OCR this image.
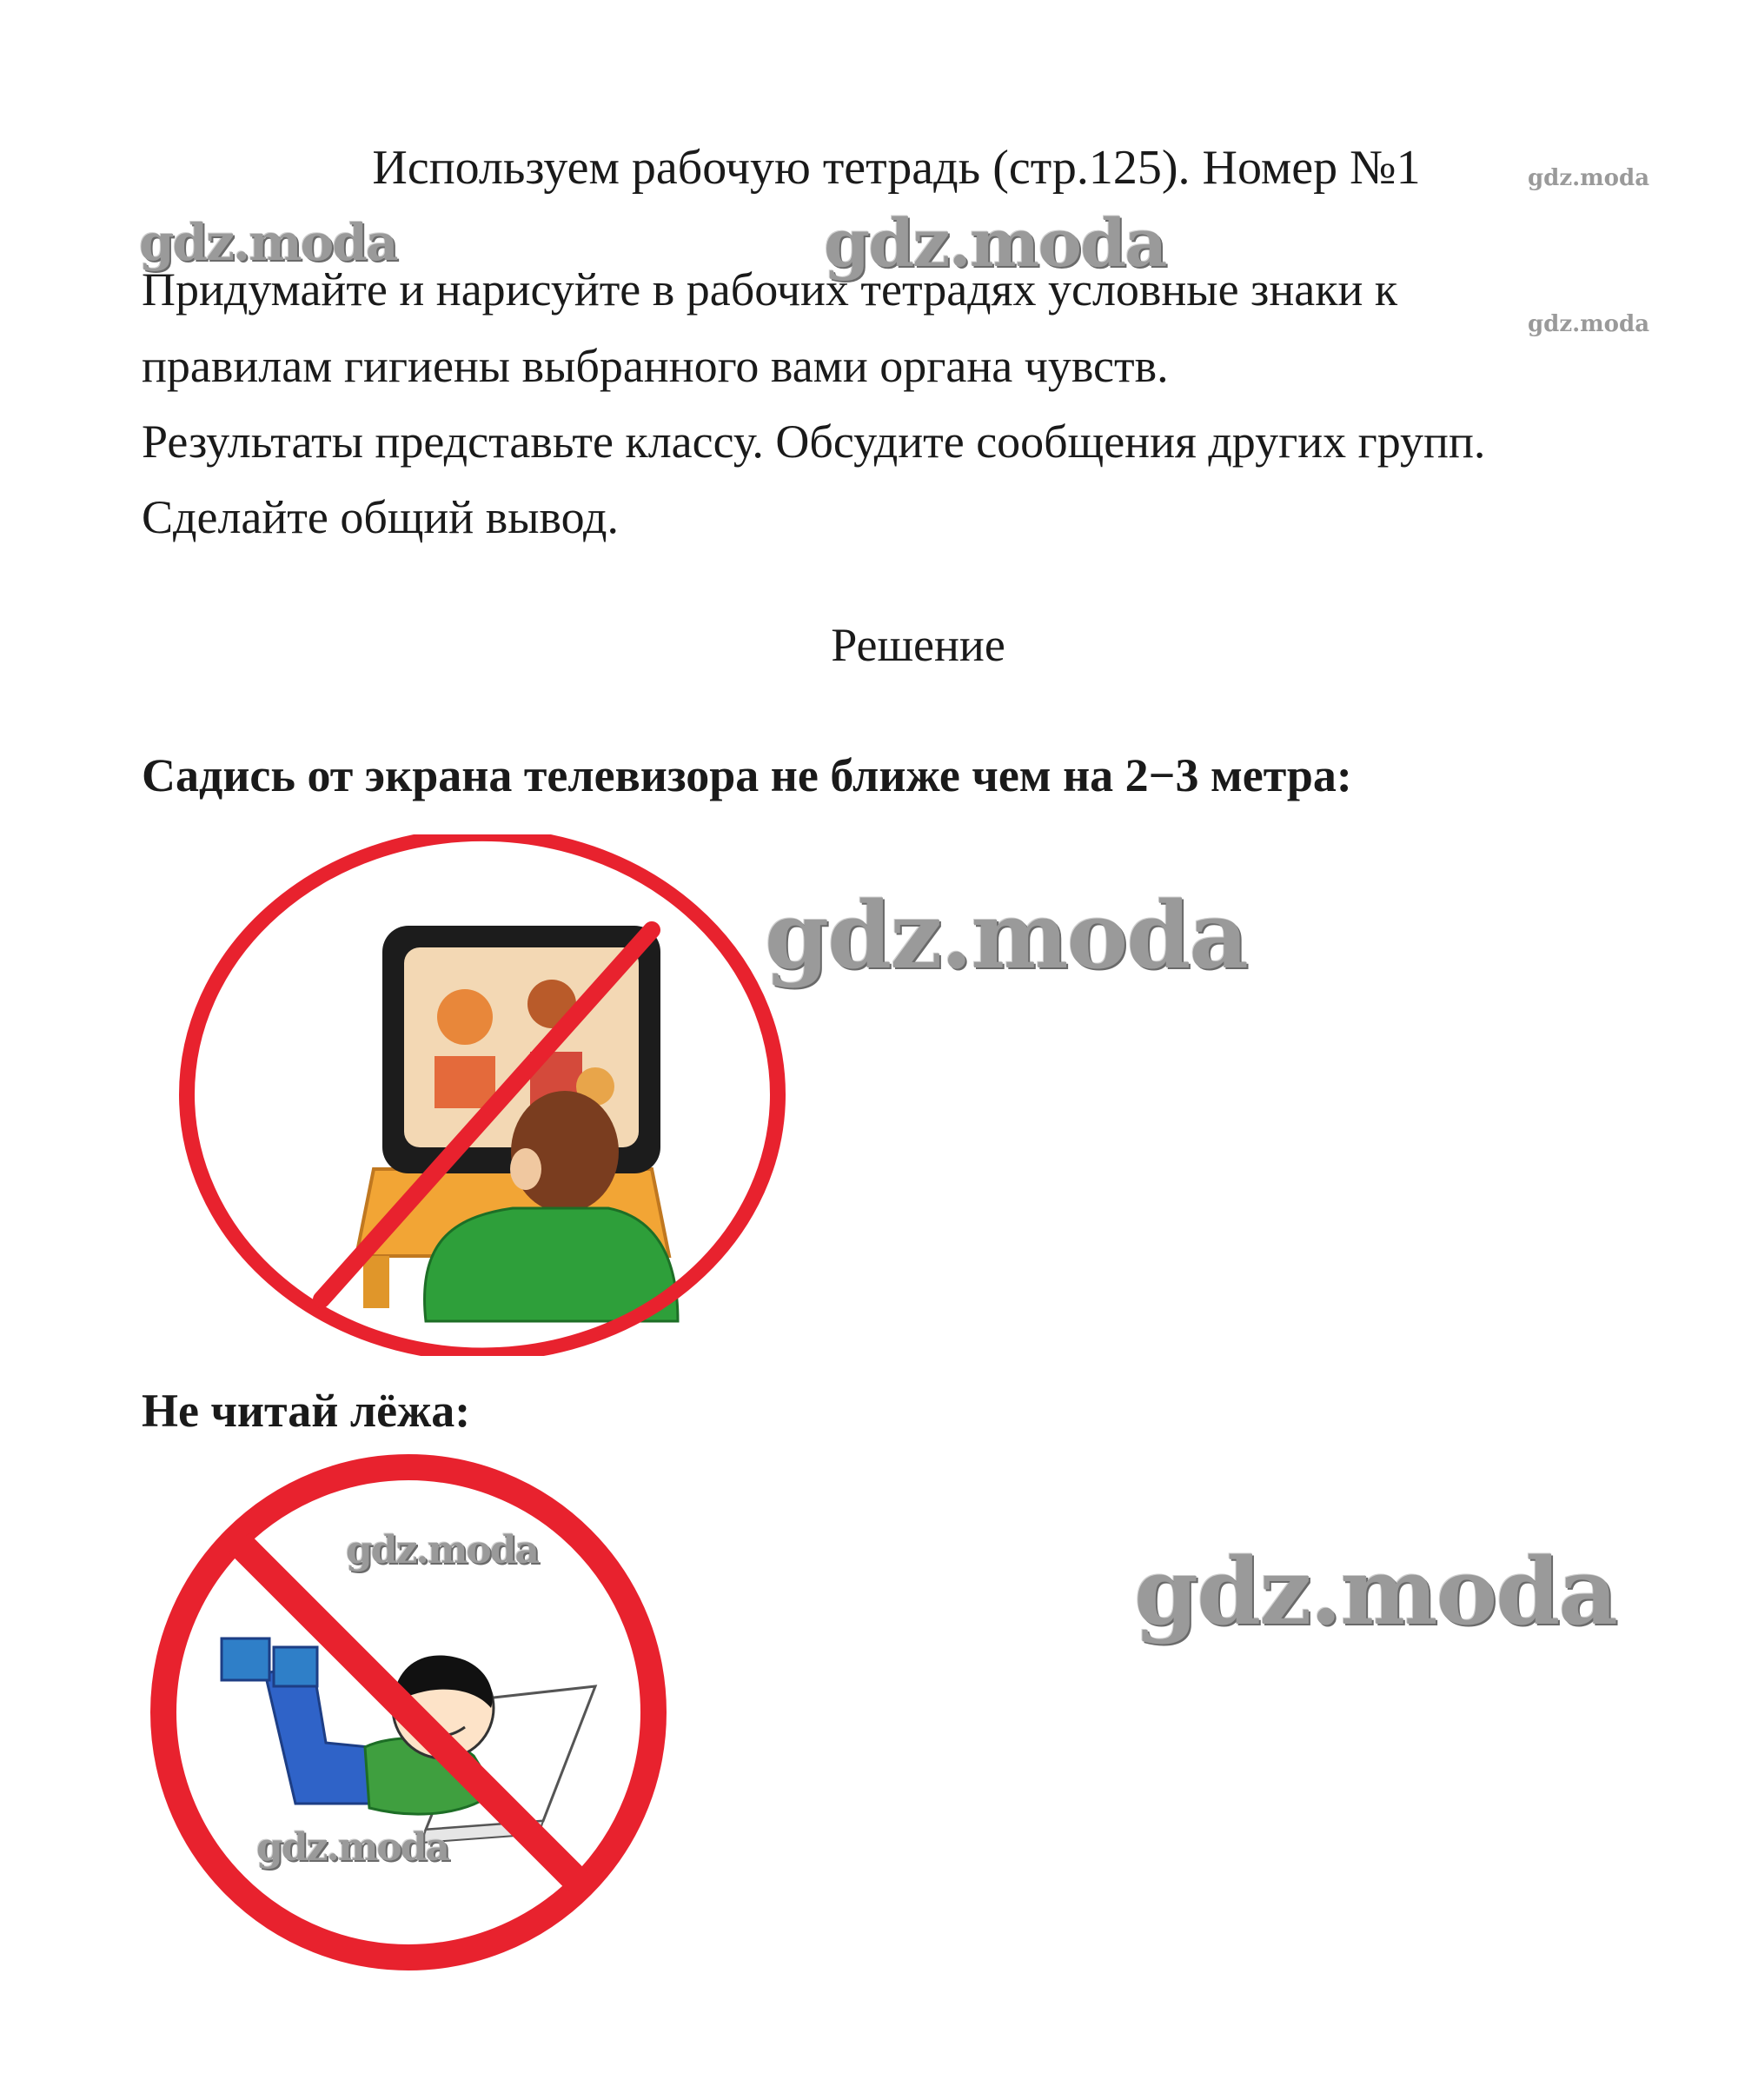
Используем рабочую тетрадь (стр.125). Номер №1	gdz.moda
gdz.moda	gdz.moda
gdz.moda
Придумайте и нарисуйте в рабочих тетрадях условные знаки к
правилам гигиены выбранного вами органа чувств.
Результаты представьте классу. Обсудите сообщения других групп.
Сделайте общий вывод.
Решение
Садись от экрана телевизора не ближе чем на 2−3 метра:
gdz.moda
Не читай лёжа:
gdz.moda
gdz.moda
gdz.moda
